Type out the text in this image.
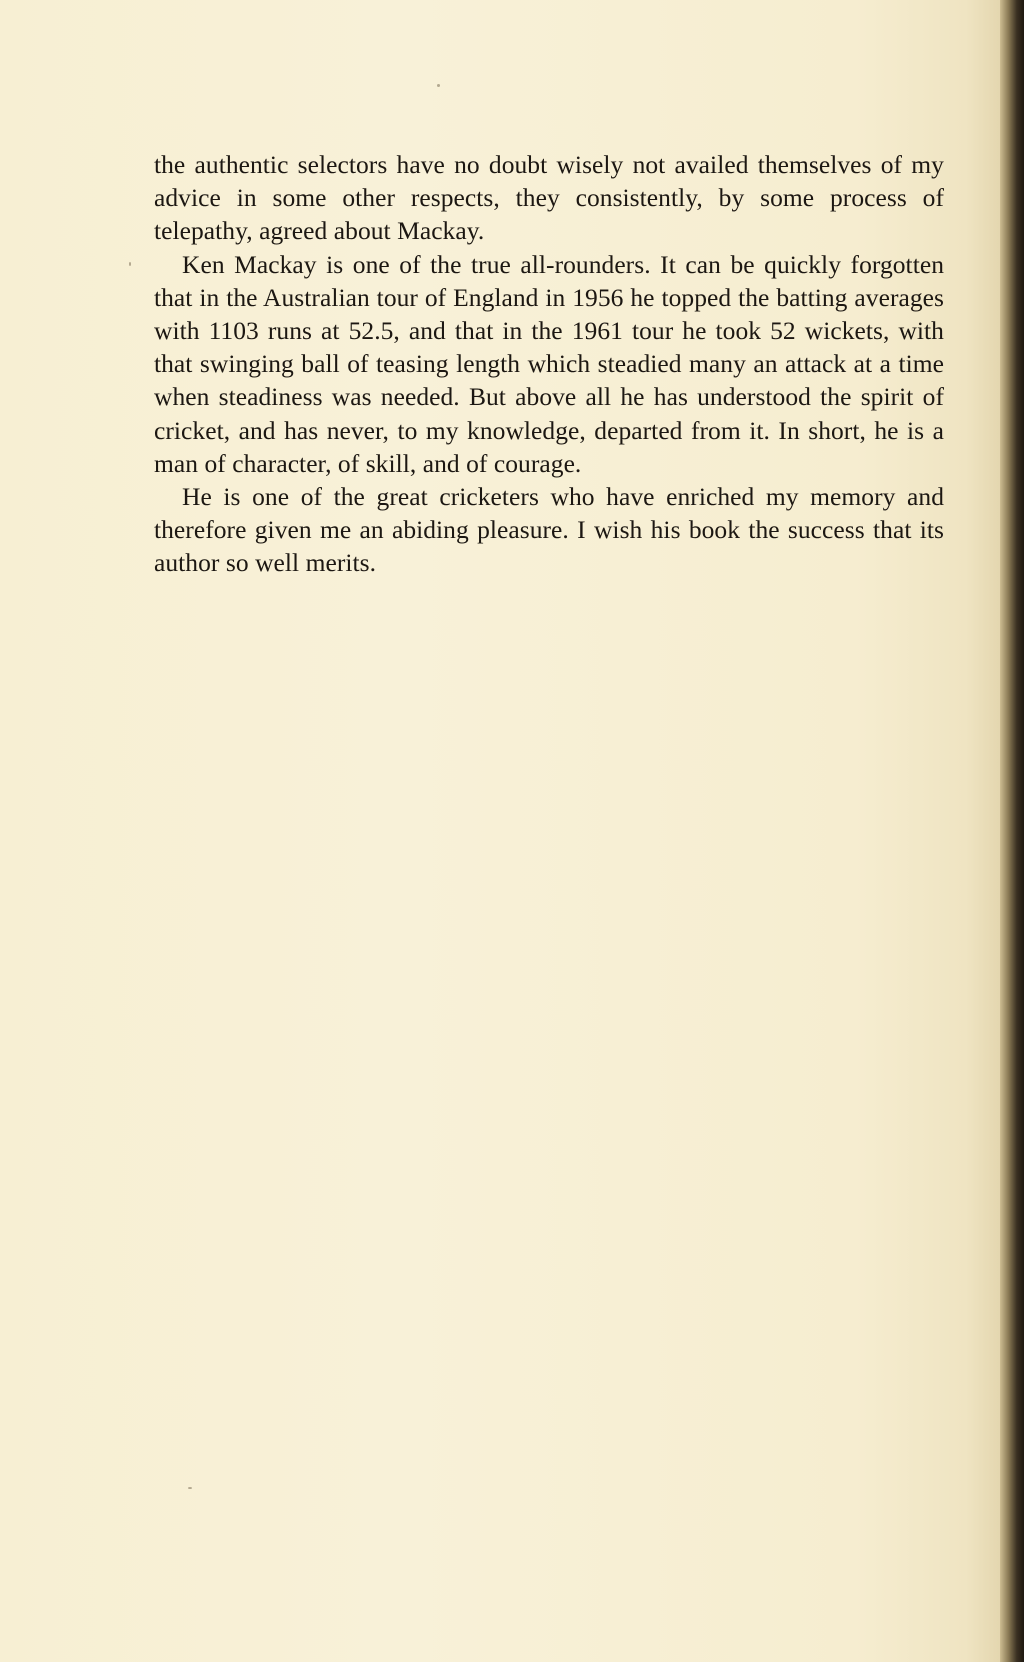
the authentic selectors have no doubt wisely not availed themselves of my advice in some other respects, they consistently, by some process of telepathy, agreed about Mackay.

Ken Mackay is one of the true all-rounders. It can be quickly forgotten that in the Australian tour of England in 1956 he topped the batting averages with 1103 runs at 52.5, and that in the 1961 tour he took 52 wickets, with that swinging ball of teasing length which steadied many an attack at a time when steadiness was needed. But above all he has understood the spirit of cricket, and has never, to my knowledge, departed from it. In short, he is a man of character, of skill, and of courage.

He is one of the great cricketers who have enriched my memory and therefore given me an abiding pleasure. I wish his book the success that its author so well merits.
